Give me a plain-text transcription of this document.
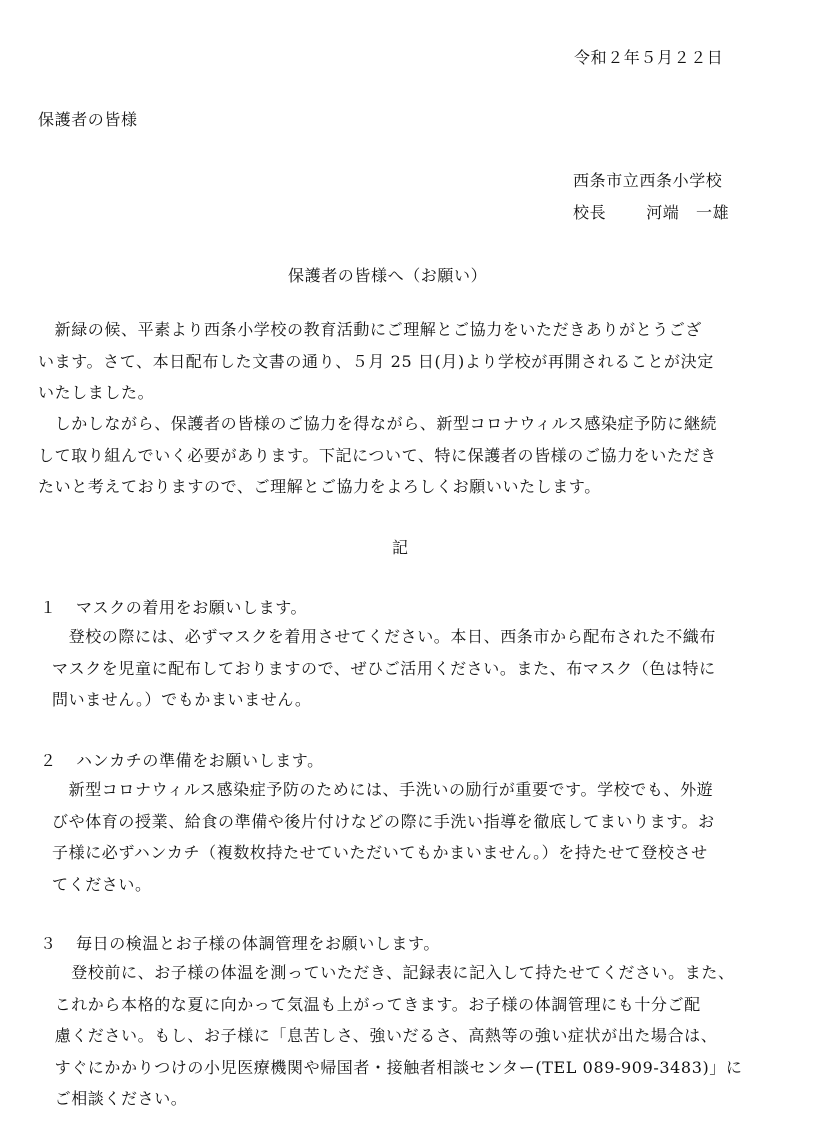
令和２年５月２２日
保護者の皆様
西条市立西条小学校
校長	河端　一雄
保護者の皆様へ（お願い）
　新緑の候、平素より西条小学校の教育活動にご理解とご協力をいただきありがとうござ
います。さて、本日配布した文書の通り、５月 25 日(月)より学校が再開されることが決定
いたしました。
　しかしながら、保護者の皆様のご協力を得ながら、新型コロナウィルス感染症予防に継続
して取り組んでいく必要があります。下記について、特に保護者の皆様のご協力をいただき
たいと考えておりますので、ご理解とご協力をよろしくお願いいたします。
記
１ マスクの着用をお願いします。
　登校の際には、必ずマスクを着用させてください。本日、西条市から配布された不織布
マスクを児童に配布しておりますので、ぜひご活用ください。また、布マスク（色は特に
問いません。）でもかまいません。
２ ハンカチの準備をお願いします。
　新型コロナウィルス感染症予防のためには、手洗いの励行が重要です。学校でも、外遊
びや体育の授業、給食の準備や後片付けなどの際に手洗い指導を徹底してまいります。お
子様に必ずハンカチ（複数枚持たせていただいてもかまいません。）を持たせて登校させ
てください。
３ 毎日の検温とお子様の体調管理をお願いします。
　　登校前に、お子様の体温を測っていただき、記録表に記入して持たせてください。また、
　これから本格的な夏に向かって気温も上がってきます。お子様の体調管理にも十分ご配
　慮ください。もし、お子様に「息苦しさ、強いだるさ、高熱等の強い症状が出た場合は、
　すぐにかかりつけの小児医療機関や帰国者・接触者相談センター(TEL 089-909-3483)」に
　ご相談ください。
